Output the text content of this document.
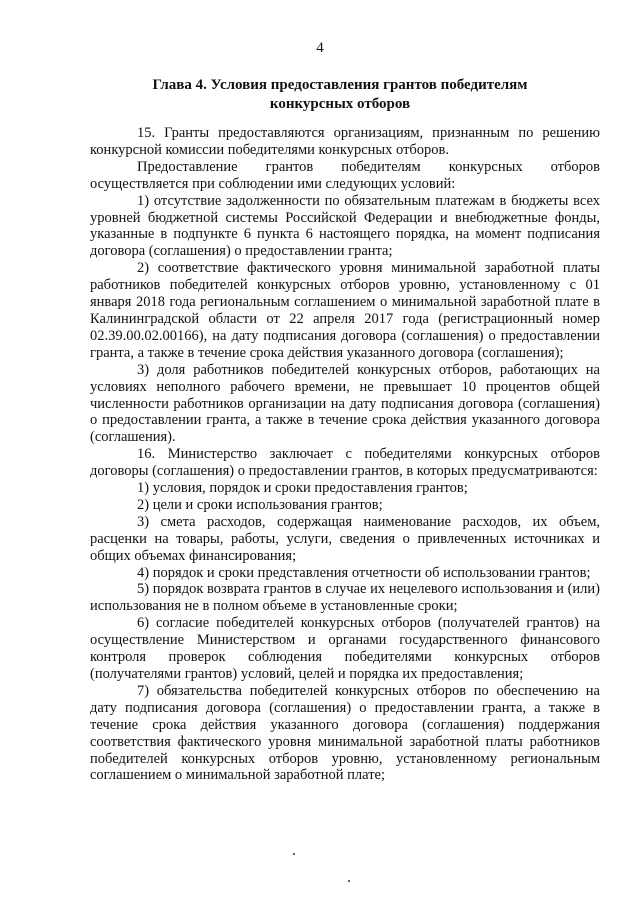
4
Глава 4. Условия предоставления грантов победителям
конкурсных отборов

15. Гранты предоставляются организациям, признанным по решению конкурсной комиссии победителями конкурсных отборов.

Предоставление грантов победителям конкурсных отборов осуществляется при соблюдении ими следующих условий:

1) отсутствие задолженности по обязательным платежам в бюджеты всех уровней бюджетной системы Российской Федерации и внебюджетные фонды, указанные в подпункте 6 пункта 6 настоящего порядка, на момент подписания договора (соглашения) о предоставлении гранта;

2) соответствие фактического уровня минимальной заработной платы работников победителей конкурсных отборов уровню, установленному с 01 января 2018 года региональным соглашением о минимальной заработной плате в Калининградской области от 22 апреля 2017 года (регистрационный номер 02.39.00.02.00166), на дату подписания договора (соглашения) о предоставлении гранта, а также в течение срока действия указанного договора (соглашения);

3) доля работников победителей конкурсных отборов, работающих на условиях неполного рабочего времени, не превышает 10 процентов общей численности работников организации на дату подписания договора (соглашения) о предоставлении гранта, а также в течение срока действия указанного договора (соглашения).

16. Министерство заключает с победителями конкурсных отборов договоры (соглашения) о предоставлении грантов, в которых предусматриваются:

1) условия, порядок и сроки предоставления грантов;

2) цели и сроки использования грантов;

3) смета расходов, содержащая наименование расходов, их объем, расценки на товары, работы, услуги, сведения о привлеченных источниках и общих объемах финансирования;

4) порядок и сроки представления отчетности об использовании грантов;

5) порядок возврата грантов в случае их нецелевого использования и (или) использования не в полном объеме в установленные сроки;

6) согласие победителей конкурсных отборов (получателей грантов) на осуществление Министерством и органами государственного финансового контроля проверок соблюдения победителями конкурсных отборов (получателями грантов) условий, целей и порядка их предоставления;

7) обязательства победителей конкурсных отборов по обеспечению на дату подписания договора (соглашения) о предоставлении гранта, а также в течение срока действия указанного договора (соглашения) поддержания соответствия фактического уровня минимальной заработной платы работников победителей конкурсных отборов уровню, установленному региональным соглашением о минимальной заработной плате;
